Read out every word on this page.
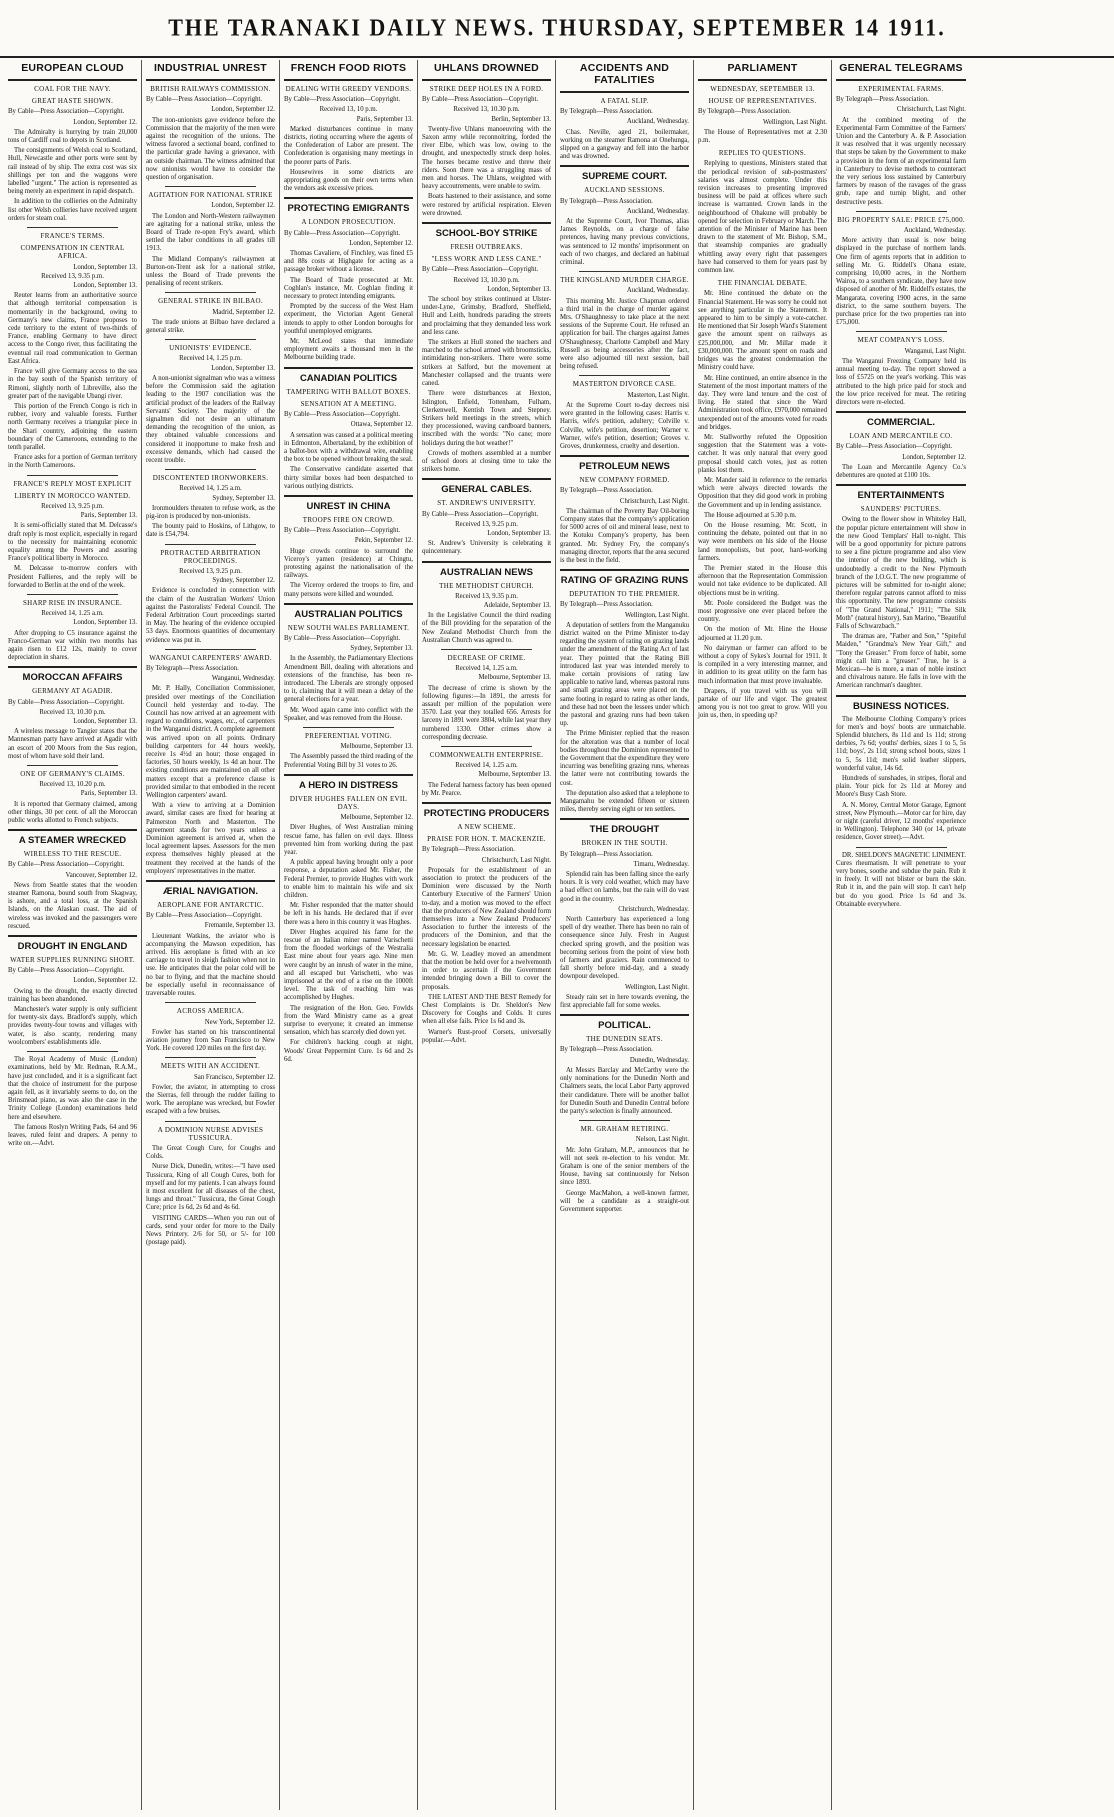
THE TARANAKI DAILY NEWS. THURSDAY, SEPTEMBER 14 1911.
EUROPEAN CLOUD
COAL FOR THE NAVY.
GREAT HASTE SHOWN.
By Cable—Press Association—Copyright.
London, September 12.
The Admiralty is hurrying by train 20,000 tons of Cardiff coal to depots in Scotland.
The consignments of Welsh coal to Scotland, Hull, Newcastle and other ports were sent by rail instead of by ship. The extra cost was six shillings per ton and the waggons were labelled "urgent." The action is represented as being merely an experiment in rapid despatch.
In addition to the collieries on the Admiralty list other Welsh collieries have received urgent orders for steam coal.
FRANCE'S TERMS.
COMPENSATION IN CENTRAL AFRICA.
London, September 13.
Received 13, 9.35 p.m.
London, September 13.
Reuter learns from an authoritative source that although territorial compensation is momentarily in the background, owing to Germany's new claims, France proposes to cede territory to the extent of two-thirds of France, enabling Germany to have direct access to the Congo river, thus facilitating the eventual rail road communication to German East Africa.
France will give Germany access to the sea in the bay south of the Spanish territory of Rimoni, slightly north of Libreville, also the greater part of the navigable Ubangi river.
This portion of the French Congo is rich in rubber, ivory and valuable forests. Further north Germany receives a triangular piece in the Shari country, adjoining the eastern boundary of the Cameroons, extending to the tenth parallel.
France asks for a portion of German territory in the North Cameroons.
FRANCE'S REPLY MOST EXPLICIT
LIBERTY IN MOROCCO WANTED.
Received 13, 9.25 p.m.
Paris, September 13.
It is semi-officially stated that M. Delcasse's draft reply is most explicit, especially in regard to the necessity for maintaining economic equality among the Powers and assuring France's political liberty in Morocco.
M. Delcasse to-morrow confers with President Fallieres, and the reply will be forwarded to Berlin at the end of the week.
SHARP RISE IN INSURANCE.
Received 14, 1.25 a.m.
London, September 13.
After dropping to C5 insurance against the Franco-German war within two months has again risen to £12 12s, mainly to cover depreciation in shares.
MOROCCAN AFFAIRS
GERMANY AT AGADIR.
By Cable—Press Association—Copyright.
Received 13, 10.30 p.m.
London, September 13.
A wireless message to Tangier states that the Mannesman party have arrived at Agadir with an escort of 200 Moors from the Sus region, most of whom have sold their land.
ONE OF GERMANY'S CLAIMS.
Received 13, 10.20 p.m.
Paris, September 13.
It is reported that Germany claimed, among other things, 30 per cent. of all the Moroccan public works allotted to French subjects.
A STEAMER WRECKED
WIRELESS TO THE RESCUE.
By Cable—Press Association—Copyright.
Vancouver, September 12.
News from Seattle states that the wooden steamer Ramona, bound south from Skagway, is ashore, and a total loss, at the Spanish Islands, on the Alaskan coast. The aid of wireless was invoked and the passengers were rescued.
DROUGHT IN ENGLAND
WATER SUPPLIES RUNNING SHORT.
By Cable—Press Association—Copyright.
London, September 12.
Owing to the drought, the exactly directed training has been abandoned.
Manchester's water supply is only sufficient for twenty-six days. Bradford's supply, which provides twenty-four towns and villages with water, is also scanty, rendering many woolcombers' establishments idle.
The Royal Academy of Music (London) examinations, held by Mr. Redman, R.A.M., have just concluded, and it is a significant fact that the choice of instrument for the purpose again fell, as it invariably seems to do, on the Brinsmead piano, as was also the case in the Trinity College (London) examinations held here and elsewhere.
The famous Roslyn Writing Pads, 64 and 96 leaves, ruled feint and drapers. A penny to write on.—Advt.
INDUSTRIAL UNREST
BRITISH RAILWAYS COMMISSION.
By Cable—Press Association—Copyright.
London, September 12.
The non-unionists gave evidence before the Commission that the majority of the men were against the recognition of the unions. The witness favored a sectional board, confined to the particular grade having a grievance, with an outside chairman. The witness admitted that now unionists would have to consider the question of organisation.
AGITATION FOR NATIONAL STRIKE
London, September 12.
The London and North-Western railwaymen are agitating for a national strike, unless the Board of Trade re-open Fry's award, which settled the labor conditions in all grades till 1913.
The Midland Company's railwaymen at Burton-on-Trent ask for a national strike, unless the Board of Trade prevents the penalising of recent strikers.
GENERAL STRIKE IN BILBAO.
Madrid, September 12.
The trade unions at Bilbao have declared a general strike.
UNIONISTS' EVIDENCE.
Received 14, 1.25 p.m.
London, September 13.
A non-unionist signalman who was a witness before the Commission said the agitation leading to the 1907 conciliation was the artificial product of the leaders of the Railway Servants' Society. The majority of the signalmen did not desire an ultimatum demanding the recognition of the union, as they obtained valuable concessions and considered it inopportune to make fresh and excessive demands, which had caused the recent trouble.
DISCONTENTED IRONWORKERS.
Received 14, 1.25 a.m.
Sydney, September 13.
Ironmoulders threaten to refuse work, as the pig-iron is produced by non-unionists.
The bounty paid to Hoskins, of Lithgow, to date is £54,794.
PROTRACTED ARBITRATION PROCEEDINGS.
Received 13, 9.25 p.m.
Sydney, September 12.
Evidence is concluded in connection with the claim of the Australian Workers' Union against the Pastoralists' Federal Council. The Federal Arbitration Court proceedings started in May. The hearing of the evidence occupied 53 days. Enormous quantities of documentary evidence was put in.
WANGANUI CARPENTERS' AWARD.
By Telegraph—Press Association.
Wanganui, Wednesday.
Mr. P. Hally, Conciliation Commissioner, presided over meetings of the Conciliation Council held yesterday and to-day. The Council has now arrived at an agreement with regard to conditions, wages, etc., of carpenters in the Wanganui district. A complete agreement was arrived upon on all points. Ordinary building carpenters for 44 hours weekly, receive 1s 4½d an hour; those engaged in factories, 50 hours weekly, 1s 4d an hour. The existing conditions are maintained on all other matters except that a preference clause is provided similar to that embodied in the recent Wellington carpenters' award.
With a view to arriving at a Dominion award, similar cases are fixed for hearing at Palmerston North and Masterton. The agreement stands for two years unless a Dominion agreement is arrived at, when the local agreement lapses. Assessors for the men express themselves highly pleased at the treatment they received at the hands of the employers' representatives in the matter.
ÆRIAL NAVIGATION.
AEROPLANE FOR ANTARCTIC.
By Cable—Press Association—Copyright.
Fremantle, September 13.
Lieutenant Watkins, the aviator who is accompanying the Mawson expedition, has arrived. His aeroplane is fitted with an ice carriage to travel in sleigh fashion when not in use. He anticipates that the polar cold will be no bar to flying, and that the machine should be especially useful in reconnaissance of traversable routes.
ACROSS AMERICA.
New York, September 12.
Fowler has started on his transcontinental aviation journey from San Francisco to New York. He covered 120 miles on the first day.
MEETS WITH AN ACCIDENT.
San Francisco, September 12.
Fowler, the aviator, in attempting to cross the Sierras, fell through the rudder failing to work. The aeroplane was wrecked, but Fowler escaped with a few bruises.
A DOMINION NURSE ADVISES TUSSICURA.
The Great Cough Cure, for Coughs and Colds.
Nurse Dick, Dunedin, writes:—"I have used Tussicura, King of all Cough Cures, both for myself and for my patients. I can always found it most excellent for all diseases of the chest, lungs and throat." Tussicura, the Great Cough Cure; price 1s 6d, 2s 6d and 4s 6d.
VISITING CARDS—When you run out of cards, send your order for more to the Daily News Printery. 2/6 for 50, or 5/- for 100 (postage paid).
FRENCH FOOD RIOTS
DEALING WITH GREEDY VENDORS.
By Cable—Press Association—Copyright.
Received 13, 10 p.m.
Paris, September 13.
Marked disturbances continue in many districts, rioting occurring where the agents of the Confederation of Labor are present. The Confederation is organising many meetings in the poorer parts of Paris.
Housewives in some districts are appropriating goods on their own terms when the vendors ask excessive prices.
PROTECTING EMIGRANTS
A LONDON PROSECUTION.
By Cable—Press Association—Copyright.
London, September 12.
Thomas Cavaliere, of Finchley, was fined £5 and 88s costs at Highgate for acting as a passage broker without a license.
The Board of Trade prosecuted at Mr. Coghlan's instance, Mr. Coghlan finding it necessary to protect intending emigrants.
Prompted by the success of the West Ham experiment, the Victorian Agent General intends to apply to other London boroughs for youthful unemployed emigrants.
Mr. McLeod states that immediate employment awaits a thousand men in the Melbourne building trade.
CANADIAN POLITICS
TAMPERING WITH BALLOT BOXES.
SENSATION AT A MEETING.
By Cable—Press Association—Copyright.
Ottawa, September 12.
A sensation was caused at a political meeting in Edmonton, Albertaland, by the exhibition of a ballot-box with a withdrawal wire, enabling the box to be opened without breaking the seal.
The Conservative candidate asserted that thirty similar boxes had been despatched to various outlying districts.
UNREST IN CHINA
TROOPS FIRE ON CROWD.
By Cable—Press Association—Copyright.
Pekin, September 12.
Huge crowds continue to surround the Viceroy's yamen (residence) at Chingtu, protesting against the nationalisation of the railways.
The Viceroy ordered the troops to fire, and many persons were killed and wounded.
AUSTRALIAN POLITICS
NEW SOUTH WALES PARLIAMENT.
By Cable—Press Association—Copyright.
Sydney, September 13.
In the Assembly, the Parliamentary Elections Amendment Bill, dealing with alterations and extensions of the franchise, has been re-introduced. The Liberals are strongly opposed to it, claiming that it will mean a delay of the general elections for a year.
Mr. Wood again came into conflict with the Speaker, and was removed from the House.
PREFERENTIAL VOTING.
Melbourne, September 13.
The Assembly passed the third reading of the Preferential Voting Bill by 31 votes to 26.
A HERO IN DISTRESS
DIVER HUGHES FALLEN ON EVIL DAYS.
Melbourne, September 12.
Diver Hughes, of West Australian mining rescue fame, has fallen on evil days. Illness prevented him from working during the past year.
A public appeal having brought only a poor response, a deputation asked Mr. Fisher, the Federal Premier, to provide Hughes with work to enable him to maintain his wife and six children.
Mr. Fisher responded that the matter should be left in his hands. He declared that if ever there was a hero in this country it was Hughes.
Diver Hughes acquired his fame for the rescue of an Italian miner named Varischetti from the flooded workings of the Westralia East mine about four years ago. Nine men were caught by an inrush of water in the mine, and all escaped but Varischetti, who was imprisoned at the end of a rise on the 1000ft level. The task of reaching him was accomplished by Hughes.
The resignation of the Hon. Geo. Fowlds from the Ward Ministry came as a great surprise to everyone; it created an immense sensation, which has scarcely died down yet.
For children's hacking cough at night, Woods' Great Peppermint Cure. 1s 6d and 2s 6d.
UHLANS DROWNED
STRIKE DEEP HOLES IN A FORD.
By Cable—Press Association—Copyright.
Received 13, 10.30 p.m.
Berlin, September 13.
Twenty-five Uhlans manoeuvring with the Saxon army while reconnoitring, forded the river Elbe, which was low, owing to the drought, and unexpectedly struck deep holes. The horses became restive and threw their riders. Soon there was a struggling mass of men and horses. The Uhlans, weighted with heavy accoutrements, were unable to swim.
Boats hastened to their assistance, and some were restored by artificial respiration. Eleven were drowned.
SCHOOL-BOY STRIKE
FRESH OUTBREAKS.
"LESS WORK AND LESS CANE."
By Cable—Press Association—Copyright.
Received 13, 10.30 p.m.
London, September 13.
The school boy strikes continued at Ulster-under-Lyne, Grimsby, Bradford, Sheffield, Hull and Leith, hundreds parading the streets and proclaiming that they demanded less work and less cane.
The strikers at Hull stoned the teachers and marched to the school armed with broomsticks, intimidating non-strikers. There were some strikers at Salford, but the movement at Manchester collapsed and the truants were caned.
There were disturbances at Hexton, Islington, Enfield, Tottenham, Fulham, Clerkenwell, Kentish Town and Stepney. Strikers held meetings in the streets, which they processioned, waving cardboard banners, inscribed with the words: "No cane; more holidays during the hot weather!"
Crowds of mothers assembled at a number of school doors at closing time to take the strikers home.
GENERAL CABLES.
ST. ANDREW'S UNIVERSITY.
By Cable—Press Association—Copyright.
Received 13, 9.25 p.m.
London, September 13.
St. Andrew's University is celebrating it quincentenary.
AUSTRALIAN NEWS
THE METHODIST CHURCH.
Received 13, 9.35 p.m.
Adelaide, September 13.
In the Legislative Council the third reading of the Bill providing for the separation of the New Zealand Methodist Church from the Australian Church was agreed to.
DECREASE OF CRIME.
Received 14, 1.25 a.m.
Melbourne, September 13.
The decrease of crime is shown by the following figures:—In 1891, the arrests for assault per million of the population were 3570. Last year they totalled 656. Arrests for larceny in 1891 were 3804, while last year they numbered 1330. Other crimes show a corresponding decrease.
COMMONWEALTH ENTERPRISE.
Received 14, 1.25 a.m.
Melbourne, September 13.
The Federal harness factory has been opened by Mr. Pearce.
PROTECTING PRODUCERS
A NEW SCHEME.
PRAISE FOR HON. T. MACKENZIE.
By Telegraph—Press Association.
Christchurch, Last Night.
Proposals for the establishment of an association to protect the producers of the Dominion were discussed by the North Canterbury Executive of the Farmers' Union to-day, and a motion was moved to the effect that the producers of New Zealand should form themselves into a New Zealand Producers' Association to further the interests of the producers of the Dominion, and that the necessary legislation be enacted.
Mr. G. W. Leadley moved an amendment that the motion be held over for a twelvemonth in order to ascertain if the Government intended bringing down a Bill to cover the proposals.
THE LATEST AND THE BEST Remedy for Chest Complaints is Dr. Sheldon's New Discovery for Coughs and Colds. It cures when all else fails. Price 1s 6d and 3s.
Warner's Rust-proof Corsets, universally popular.—Advt.
ACCIDENTS AND FATALITIES
A FATAL SLIP.
By Telegraph—Press Association.
Auckland, Wednesday.
Chas. Neville, aged 21, boilermaker, working on the steamer Ramona at Onehunga, slipped on a gangway and fell into the harbor and was drowned.
SUPREME COURT.
AUCKLAND SESSIONS.
By Telegraph—Press Association.
Auckland, Wednesday.
At the Supreme Court, Ivor Thomas, alias James Reynolds, on a charge of false pretences, having many previous convictions, was sentenced to 12 months' imprisonment on each of two charges, and declared an habitual criminal.
THE KINGSLAND MURDER CHARGE.
Auckland, Wednesday.
This morning Mr. Justice Chapman ordered a third trial in the charge of murder against Mrs. O'Shaughnessy to take place at the next sessions of the Supreme Court. He refused an application for bail. The charges against James O'Shaughnessy, Charlotte Campbell and Mary Russell as being accessories after the fact, were also adjourned till next session, bail being refused.
MASTERTON DIVORCE CASE.
Masterton, Last Night.
At the Supreme Court to-day decrees nisi were granted in the following cases: Harris v. Harris, wife's petition, adultery; Colville v. Colville, wife's petition, desertion; Warner v. Warner, wife's petition, desertion; Groves v. Groves, drunkenness, cruelty and desertion.
PETROLEUM NEWS
NEW COMPANY FORMED.
By Telegraph—Press Association.
Christchurch, Last Night.
The chairman of the Poverty Bay Oil-boring Company states that the company's application for 5000 acres of oil and mineral lease, next to the Kotuku Company's property, has been granted. Mr. Sydney Fry, the company's managing director, reports that the area secured is the best in the field.
RATING OF GRAZING RUNS
DEPUTATION TO THE PREMIER.
By Telegraph—Press Association.
Wellington, Last Night.
A deputation of settlers from the Manganuku district waited on the Prime Minister to-day regarding the system of rating on grazing lands under the amendment of the Rating Act of last year. They pointed that the Rating Bill introduced last year was intended merely to make certain provisions of rating law applicable to native land, whereas pastoral runs and small grazing areas were placed on the same footing in regard to rating as other lands, and these had not been the lessees under which the pastoral and grazing runs had been taken up.
The Prime Minister replied that the reason for the alteration was that a number of local bodies throughout the Dominion represented to the Government that the expenditure they were incurring was benefiting grazing runs, whereas the latter were not contributing towards the cost.
The deputation also asked that a telephone to Mangamahu be extended fifteen or sixteen miles, thereby serving eight or ten settlers.
THE DROUGHT
BROKEN IN THE SOUTH.
By Telegraph—Press Association.
Timaru, Wednesday.
Splendid rain has been falling since the early hours. It is very cold weather, which may have a bad effect on lambs, but the rain will do vast good in the country.
Christchurch, Wednesday.
North Canterbury has experienced a long spell of dry weather. There has been no rain of consequence since July. Fresh in August checked spring growth, and the position was becoming serious from the point of view both of farmers and graziers. Rain commenced to fall shortly before mid-day, and a steady downpour developed.
Wellington, Last Night.
Steady rain set in here towards evening, the first appreciable fall for some weeks.
POLITICAL.
THE DUNEDIN SEATS.
By Telegraph—Press Association.
Dunedin, Wednesday.
At Messrs Barclay and McCarthy were the only nominations for the Dunedin North and Chalmers seats, the local Labor Party approved their candidature. There will be another ballot for Dunedin South and Dunedin Central before the party's selection is finally announced.
MR. GRAHAM RETIRING.
Nelson, Last Night.
Mr. John Graham, M.P., announces that he will not seek re-election to his vendor. Mr. Graham is one of the senior members of the House, having sat continuously for Nelson since 1893.
George MacMahon, a well-known farmer, will be a candidate as a straight-out Government supporter.
PARLIAMENT
WEDNESDAY, SEPTEMBER 13.
HOUSE OF REPRESENTATIVES.
By Telegraph—Press Association.
Wellington, Last Night.
The House of Representatives met at 2.30 p.m.
REPLIES TO QUESTIONS.
Replying to questions, Ministers stated that the periodical revision of sub-postmasters' salaries was almost complete. Under this revision increases to presenting improved business will be paid at offices where such increase is warranted. Crown lands in the neighbourhood of Ohakune will probably be opened for selection in February or March. The attention of the Minister of Marine has been drawn to the statement of Mr. Bishop, S.M., that steamship companies are gradually whittling away every right that passengers have had conserved to them for years past by common law.
THE FINANCIAL DEBATE.
Mr. Hine continued the debate on the Financial Statement. He was sorry he could not see anything particular in the Statement. It appeared to him to be simply a vote-catcher. He mentioned that Sir Joseph Ward's Statement gave the amount spent on railways as £25,000,000, and Mr. Millar made it £30,000,000. The amount spent on roads and bridges was the greatest condemnation the Ministry could have.
Mr. Hine continued, an entire absence in the Statement of the most important matters of the day. They were land tenure and the cost of living. He stated that since the Ward Administration took office, £970,000 remained unexpended out of the amounts voted for roads and bridges.
Mr. Stallworthy refuted the Opposition suggestion that the Statement was a vote-catcher. It was only natural that every good proposal should catch votes, just as rotten planks lost them.
Mr. Mander said in reference to the remarks which were always directed towards the Opposition that they did good work in probing the Government and up in lending assistance.
The House adjourned at 5.30 p.m.
On the House resuming, Mr. Scott, in continuing the debate, pointed out that in no way were members on his side of the House land monopolists, but poor, hard-working farmers.
The Premier stated in the House this afternoon that the Representation Commission would not take evidence to be duplicated. All objections must be in writing.
Mr. Poole considered the Budget was the most progressive one ever placed before the country.
On the motion of Mr. Hine the House adjourned at 11.20 p.m.
No dairyman or farmer can afford to be without a copy of Sykes's Journal for 1911. It is compiled in a very interesting manner, and in addition to its great utility on the farm has much information that must prove invaluable.
Drapers, if you travel with us you will partake of our life and vigor. The greatest among you is not too great to grow. Will you join us, then, in speeding up?
GENERAL TELEGRAMS
EXPERIMENTAL FARMS.
By Telegraph—Press Association.
Christchurch, Last Night.
At the combined meeting of the Experimental Farm Committee of the Farmers' Union and the Canterbury A. & P. Association it was resolved that it was urgently necessary that steps be taken by the Government to make a provision in the form of an experimental farm in Canterbury to devise methods to counteract the very serious loss sustained by Canterbury farmers by reason of the ravages of the grass grub, rape and turnip blight, and other destructive pests.
BIG PROPERTY SALE: PRICE £75,000.
Auckland, Wednesday.
More activity than usual is now being displayed in the purchase of northern lands. One firm of agents reports that in addition to selling Mr. G. Riddell's Ohana estate, comprising 10,000 acres, in the Northern Wairoa, to a southern syndicate, they have now disposed of another of Mr. Riddell's estates, the Mangarata, covering 1900 acres, in the same district, to the same southern buyers. The purchase price for the two properties ran into £75,000.
MEAT COMPANY'S LOSS.
Wanganui, Last Night.
The Wanganui Freezing Company held its annual meeting to-day. The report showed a loss of £5725 on the year's working. This was attributed to the high price paid for stock and the low price received for meat. The retiring directors were re-elected.
COMMERCIAL.
LOAN AND MERCANTILE CO.
By Cable—Press Association—Copyright.
London, September 12.
The Loan and Mercantile Agency Co.'s debentures are quoted at £100 10s.
ENTERTAINMENTS
SAUNDERS' PICTURES.
Owing to the flower show in Whiteley Hall, the popular picture entertainment will show in the new Good Templars' Hall to-night. This will be a good opportunity for picture patrons to see a fine picture programme and also view the interior of the new building, which is undoubtedly a credit to the New Plymouth branch of the I.O.G.T. The new programme of pictures will be submitted for to-night alone; therefore regular patrons cannot afford to miss this opportunity. The new programme consists of "The Grand National," 1911; "The Silk Moth" (natural history), San Marino, "Beautiful Falls of Schwarzbach."
The dramas are, "Father and Son," "Spiteful Maiden," "Grandma's New Year Gift," and "Tony the Greaser." From force of habit, some might call him a "greaser." True, he is a Mexican—he is more, a man of noble instinct and chivalrous nature. He falls in love with the American ranchman's daughter.
BUSINESS NOTICES.
The Melbourne Clothing Company's prices for men's and boys' boots are unmatchable. Splendid blutchers, 8s 11d and 1s 11d; strong derbies, 7s 6d; youths' derbies, sizes 1 to 5, 5s 11d; boys', 2s 11d; strong school boots, sizes 1 to 5, 5s 11d; men's solid leather slippers, wonderful value, 14s 6d.
Hundreds of sunshades, in stripes, floral and plain. Your pick for 2s 11d at Morey and Moore's Busy Cash Store.
A. N. Morey, Central Motor Garage, Egmont street, New Plymouth.—Motor car for hire, day or night (careful driver, 12 months' experience in Wellington). Telephone 340 (or 14, private residence, Gover street).—Advt.
DR. SHELDON'S MAGNETIC LINIMENT. Cures rheumatism. It will penetrate to your very bones, soothe and subdue the pain. Rub it in freely. It will not blister or burn the skin. Rub it in, and the pain will stop. It can't help but do you good. Price 1s 6d and 3s. Obtainable everywhere.
